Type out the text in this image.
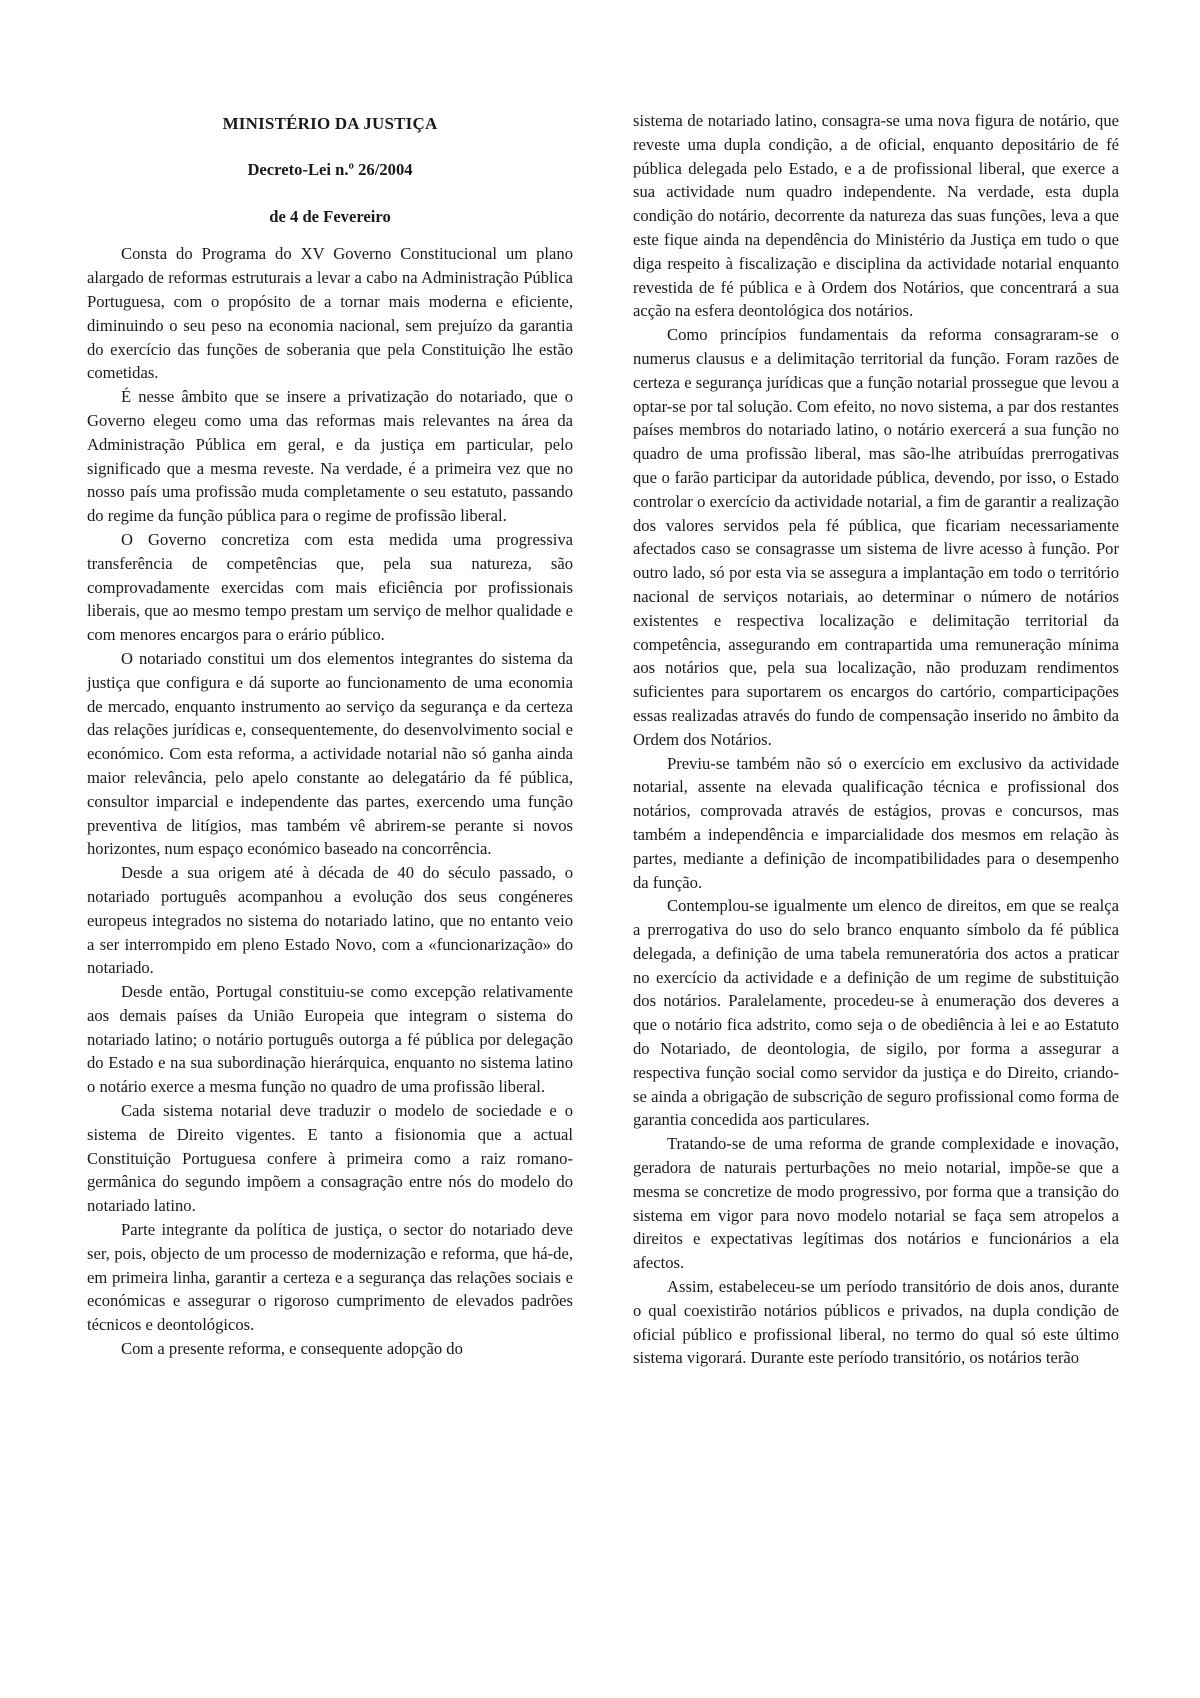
MINISTÉRIO DA JUSTIÇA

Decreto-Lei n.º 26/2004

de 4 de Fevereiro

Consta do Programa do XV Governo Constitucional um plano alargado de reformas estruturais a levar a cabo na Administração Pública Portuguesa, com o propósito de a tornar mais moderna e eficiente, diminuindo o seu peso na economia nacional, sem prejuízo da garantia do exercício das funções de soberania que pela Constituição lhe estão cometidas.

É nesse âmbito que se insere a privatização do notariado, que o Governo elegeu como uma das reformas mais relevantes na área da Administração Pública em geral, e da justiça em particular, pelo significado que a mesma reveste. Na verdade, é a primeira vez que no nosso país uma profissão muda completamente o seu estatuto, passando do regime da função pública para o regime de profissão liberal.

O Governo concretiza com esta medida uma progressiva transferência de competências que, pela sua natureza, são comprovadamente exercidas com mais eficiência por profissionais liberais, que ao mesmo tempo prestam um serviço de melhor qualidade e com menores encargos para o erário público.

O notariado constitui um dos elementos integrantes do sistema da justiça que configura e dá suporte ao funcionamento de uma economia de mercado, enquanto instrumento ao serviço da segurança e da certeza das relações jurídicas e, consequentemente, do desenvolvimento social e económico. Com esta reforma, a actividade notarial não só ganha ainda maior relevância, pelo apelo constante ao delegatário da fé pública, consultor imparcial e independente das partes, exercendo uma função preventiva de litígios, mas também vê abrirem-se perante si novos horizontes, num espaço económico baseado na concorrência.

Desde a sua origem até à década de 40 do século passado, o notariado português acompanhou a evolução dos seus congéneres europeus integrados no sistema do notariado latino, que no entanto veio a ser interrompido em pleno Estado Novo, com a «funcionarização» do notariado.

Desde então, Portugal constituiu-se como excepção relativamente aos demais países da União Europeia que integram o sistema do notariado latino; o notário português outorga a fé pública por delegação do Estado e na sua subordinação hierárquica, enquanto no sistema latino o notário exerce a mesma função no quadro de uma profissão liberal.

Cada sistema notarial deve traduzir o modelo de sociedade e o sistema de Direito vigentes. E tanto a fisionomia que a actual Constituição Portuguesa confere à primeira como a raiz romano-germânica do segundo impõem a consagração entre nós do modelo do notariado latino.

Parte integrante da política de justiça, o sector do notariado deve ser, pois, objecto de um processo de modernização e reforma, que há-de, em primeira linha, garantir a certeza e a segurança das relações sociais e económicas e assegurar o rigoroso cumprimento de elevados padrões técnicos e deontológicos.

Com a presente reforma, e consequente adopção do

sistema de notariado latino, consagra-se uma nova figura de notário, que reveste uma dupla condição, a de oficial, enquanto depositário de fé pública delegada pelo Estado, e a de profissional liberal, que exerce a sua actividade num quadro independente. Na verdade, esta dupla condição do notário, decorrente da natureza das suas funções, leva a que este fique ainda na dependência do Ministério da Justiça em tudo o que diga respeito à fiscalização e disciplina da actividade notarial enquanto revestida de fé pública e à Ordem dos Notários, que concentrará a sua acção na esfera deontológica dos notários.

Como princípios fundamentais da reforma consagraram-se o numerus clausus e a delimitação territorial da função. Foram razões de certeza e segurança jurídicas que a função notarial prossegue que levou a optar-se por tal solução. Com efeito, no novo sistema, a par dos restantes países membros do notariado latino, o notário exercerá a sua função no quadro de uma profissão liberal, mas são-lhe atribuídas prerrogativas que o farão participar da autoridade pública, devendo, por isso, o Estado controlar o exercício da actividade notarial, a fim de garantir a realização dos valores servidos pela fé pública, que ficariam necessariamente afectados caso se consagrasse um sistema de livre acesso à função. Por outro lado, só por esta via se assegura a implantação em todo o território nacional de serviços notariais, ao determinar o número de notários existentes e respectiva localização e delimitação territorial da competência, assegurando em contrapartida uma remuneração mínima aos notários que, pela sua localização, não produzam rendimentos suficientes para suportarem os encargos do cartório, comparticipações essas realizadas através do fundo de compensação inserido no âmbito da Ordem dos Notários.

Previu-se também não só o exercício em exclusivo da actividade notarial, assente na elevada qualificação técnica e profissional dos notários, comprovada através de estágios, provas e concursos, mas também a independência e imparcialidade dos mesmos em relação às partes, mediante a definição de incompatibilidades para o desempenho da função.

Contemplou-se igualmente um elenco de direitos, em que se realça a prerrogativa do uso do selo branco enquanto símbolo da fé pública delegada, a definição de uma tabela remuneratória dos actos a praticar no exercício da actividade e a definição de um regime de substituição dos notários. Paralelamente, procedeu-se à enumeração dos deveres a que o notário fica adstrito, como seja o de obediência à lei e ao Estatuto do Notariado, de deontologia, de sigilo, por forma a assegurar a respectiva função social como servidor da justiça e do Direito, criando-se ainda a obrigação de subscrição de seguro profissional como forma de garantia concedida aos particulares.

Tratando-se de uma reforma de grande complexidade e inovação, geradora de naturais perturbações no meio notarial, impõe-se que a mesma se concretize de modo progressivo, por forma que a transição do sistema em vigor para novo modelo notarial se faça sem atropelos a direitos e expectativas legítimas dos notários e funcionários a ela afectos.

Assim, estabeleceu-se um período transitório de dois anos, durante o qual coexistirão notários públicos e privados, na dupla condição de oficial público e profissional liberal, no termo do qual só este último sistema vigorará. Durante este período transitório, os notários terão
